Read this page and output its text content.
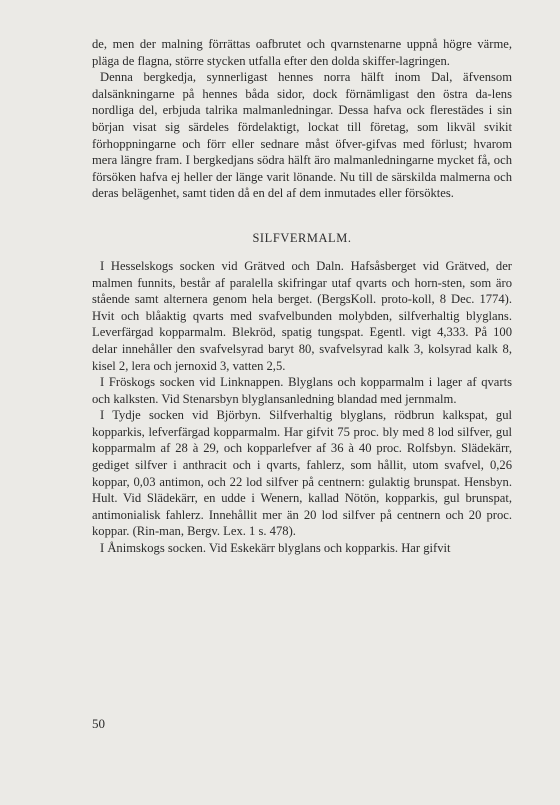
de, men der malning förrättas oafbrutet och qvarnstenarne uppnå högre värme, pläga de flagna, större stycken utfalla efter den dolda skiffer-lagringen.

Denna bergkedja, synnerligast hennes norra hälft inom Dal, äfvensom dalsänkningarne på hennes båda sidor, dock förnämligast den östra da-lens nordliga del, erbjuda talrika malmanledningar. Dessa hafva ock flerestädes i sin början visat sig särdeles fördelaktigt, lockat till företag, som likväl svikit förhoppningarne och förr eller sednare måst öfver-gifvas med förlust; hvarom mera längre fram. I bergkedjans södra hälft äro malmanledningarne mycket få, och försöken hafva ej heller der länge varit lönande. Nu till de särskilda malmerna och deras belägenhet, samt tiden då en del af dem inmutades eller försöktes.

SILFVERMALM.

I Hesselskogs socken vid Grätved och Daln. Hafsåsberget vid Grätved, der malmen funnits, består af paralella skifringar utaf qvarts och horn-sten, som äro stående samt alternera genom hela berget. (BergsKoll. proto-koll, 8 Dec. 1774). Hvit och blåaktig qvarts med svafvelbunden molybden, silfverhaltig blyglans. Leverfärgad kopparmalm. Blekröd, spatig tungspat. Egentl. vigt 4,333. På 100 delar innehåller den svafvelsyrad baryt 80, svafvelsyrad kalk 3, kolsyrad kalk 8, kisel 2, lera och jernoxid 3, vatten 2,5.

I Fröskogs socken vid Linknappen. Blyglans och kopparmalm i lager af qvarts och kalksten. Vid Stenarsbyn blyglansanledning blandad med jernmalm.

I Tydje socken vid Björbyn. Silfverhaltig blyglans, rödbrun kalkspat, gul kopparkis, lefverfärgad kopparmalm. Har gifvit 75 proc. bly med 8 lod silfver, gul kopparmalm af 28 à 29, och kopparlefver af 36 à 40 proc. Rolfsbyn. Slädekärr, gediget silfver i anthracit och i qvarts, fahlerz, som hållit, utom svafvel, 0,26 koppar, 0,03 antimon, och 22 lod silfver på centnern: gulaktig brunspat. Hensbyn. Hult. Vid Slädekärr, en udde i Wenern, kallad Nötön, kopparkis, gul brunspat, antimonialisk fahlerz. Innehållit mer än 20 lod silfver på centnern och 20 proc. koppar. (Rin-man, Bergv. Lex. 1 s. 478).

I Ånimskogs socken. Vid Eskekärr blyglans och kopparkis. Har gifvit

50
